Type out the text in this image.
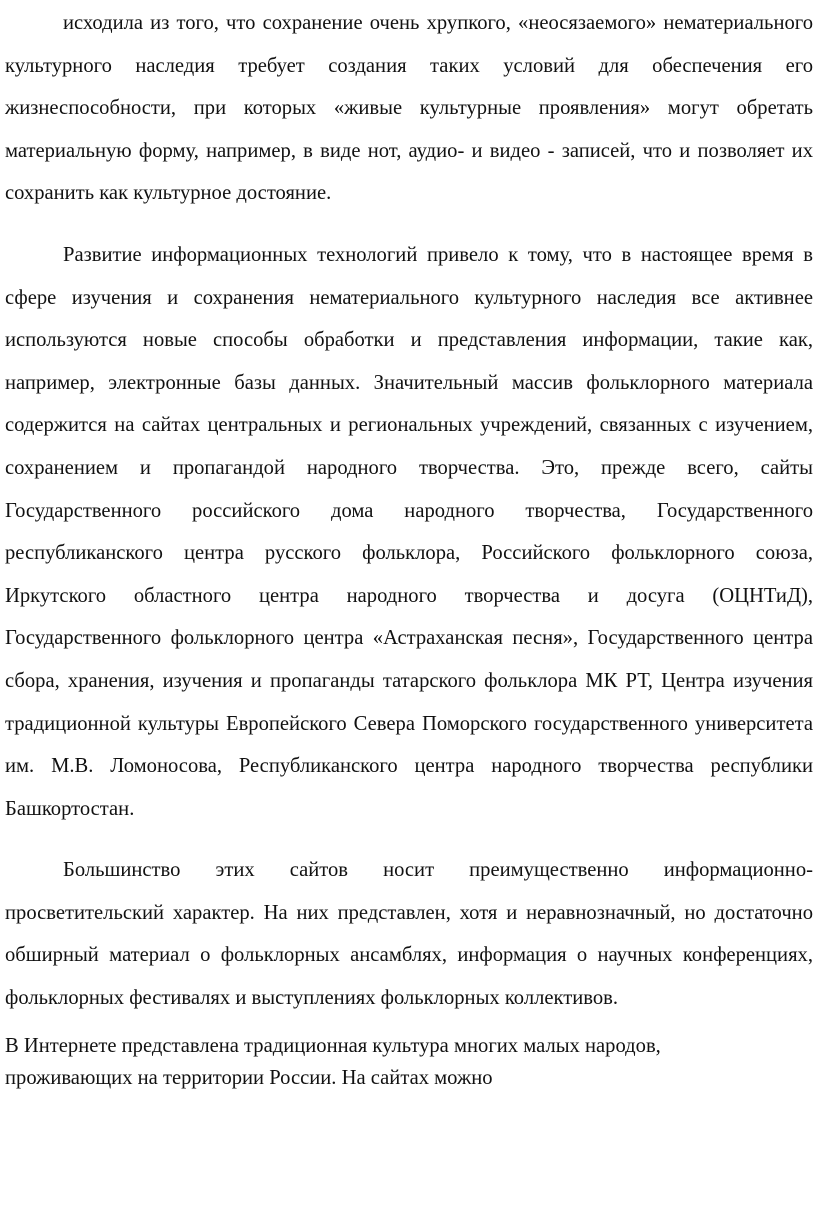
исходила из того, что сохранение очень хрупкого, «неосязаемого» нематериального культурного наследия требует создания таких условий для обеспечения его жизнеспособности, при которых «живые культурные проявления» могут обретать материальную форму, например, в виде нот, аудио- и видео - записей, что и позволяет их сохранить как культурное достояние.

Развитие информационных технологий привело к тому, что в настоящее время в сфере изучения и сохранения нематериального культурного наследия все активнее используются новые способы обработки и представления информации, такие как, например, электронные базы данных. Значительный массив фольклорного материала содержится на сайтах центральных и региональных учреждений, связанных с изучением, сохранением и пропагандой народного творчества. Это, прежде всего, сайты Государственного российского дома народного творчества, Государственного республиканского центра русского фольклора, Российского фольклорного союза, Иркутского областного центра народного творчества и досуга (ОЦНТиД), Государственного фольклорного центра «Астраханская песня», Государственного центра сбора, хранения, изучения и пропаганды татарского фольклора МК РТ, Центра изучения традиционной культуры Европейского Севера Поморского государственного университета им. М.В. Ломоносова, Республиканского центра народного творчества республики Башкортостан.

Большинство этих сайтов носит преимущественно информационно-просветительский характер. На них представлен, хотя и неравнозначный, но достаточно обширный материал о фольклорных ансамблях, информация о научных конференциях, фольклорных фестивалях и выступлениях фольклорных коллективов.

В Интернете представлена традиционная культура многих малых народов,
проживающих на территории России. На сайтах можно
